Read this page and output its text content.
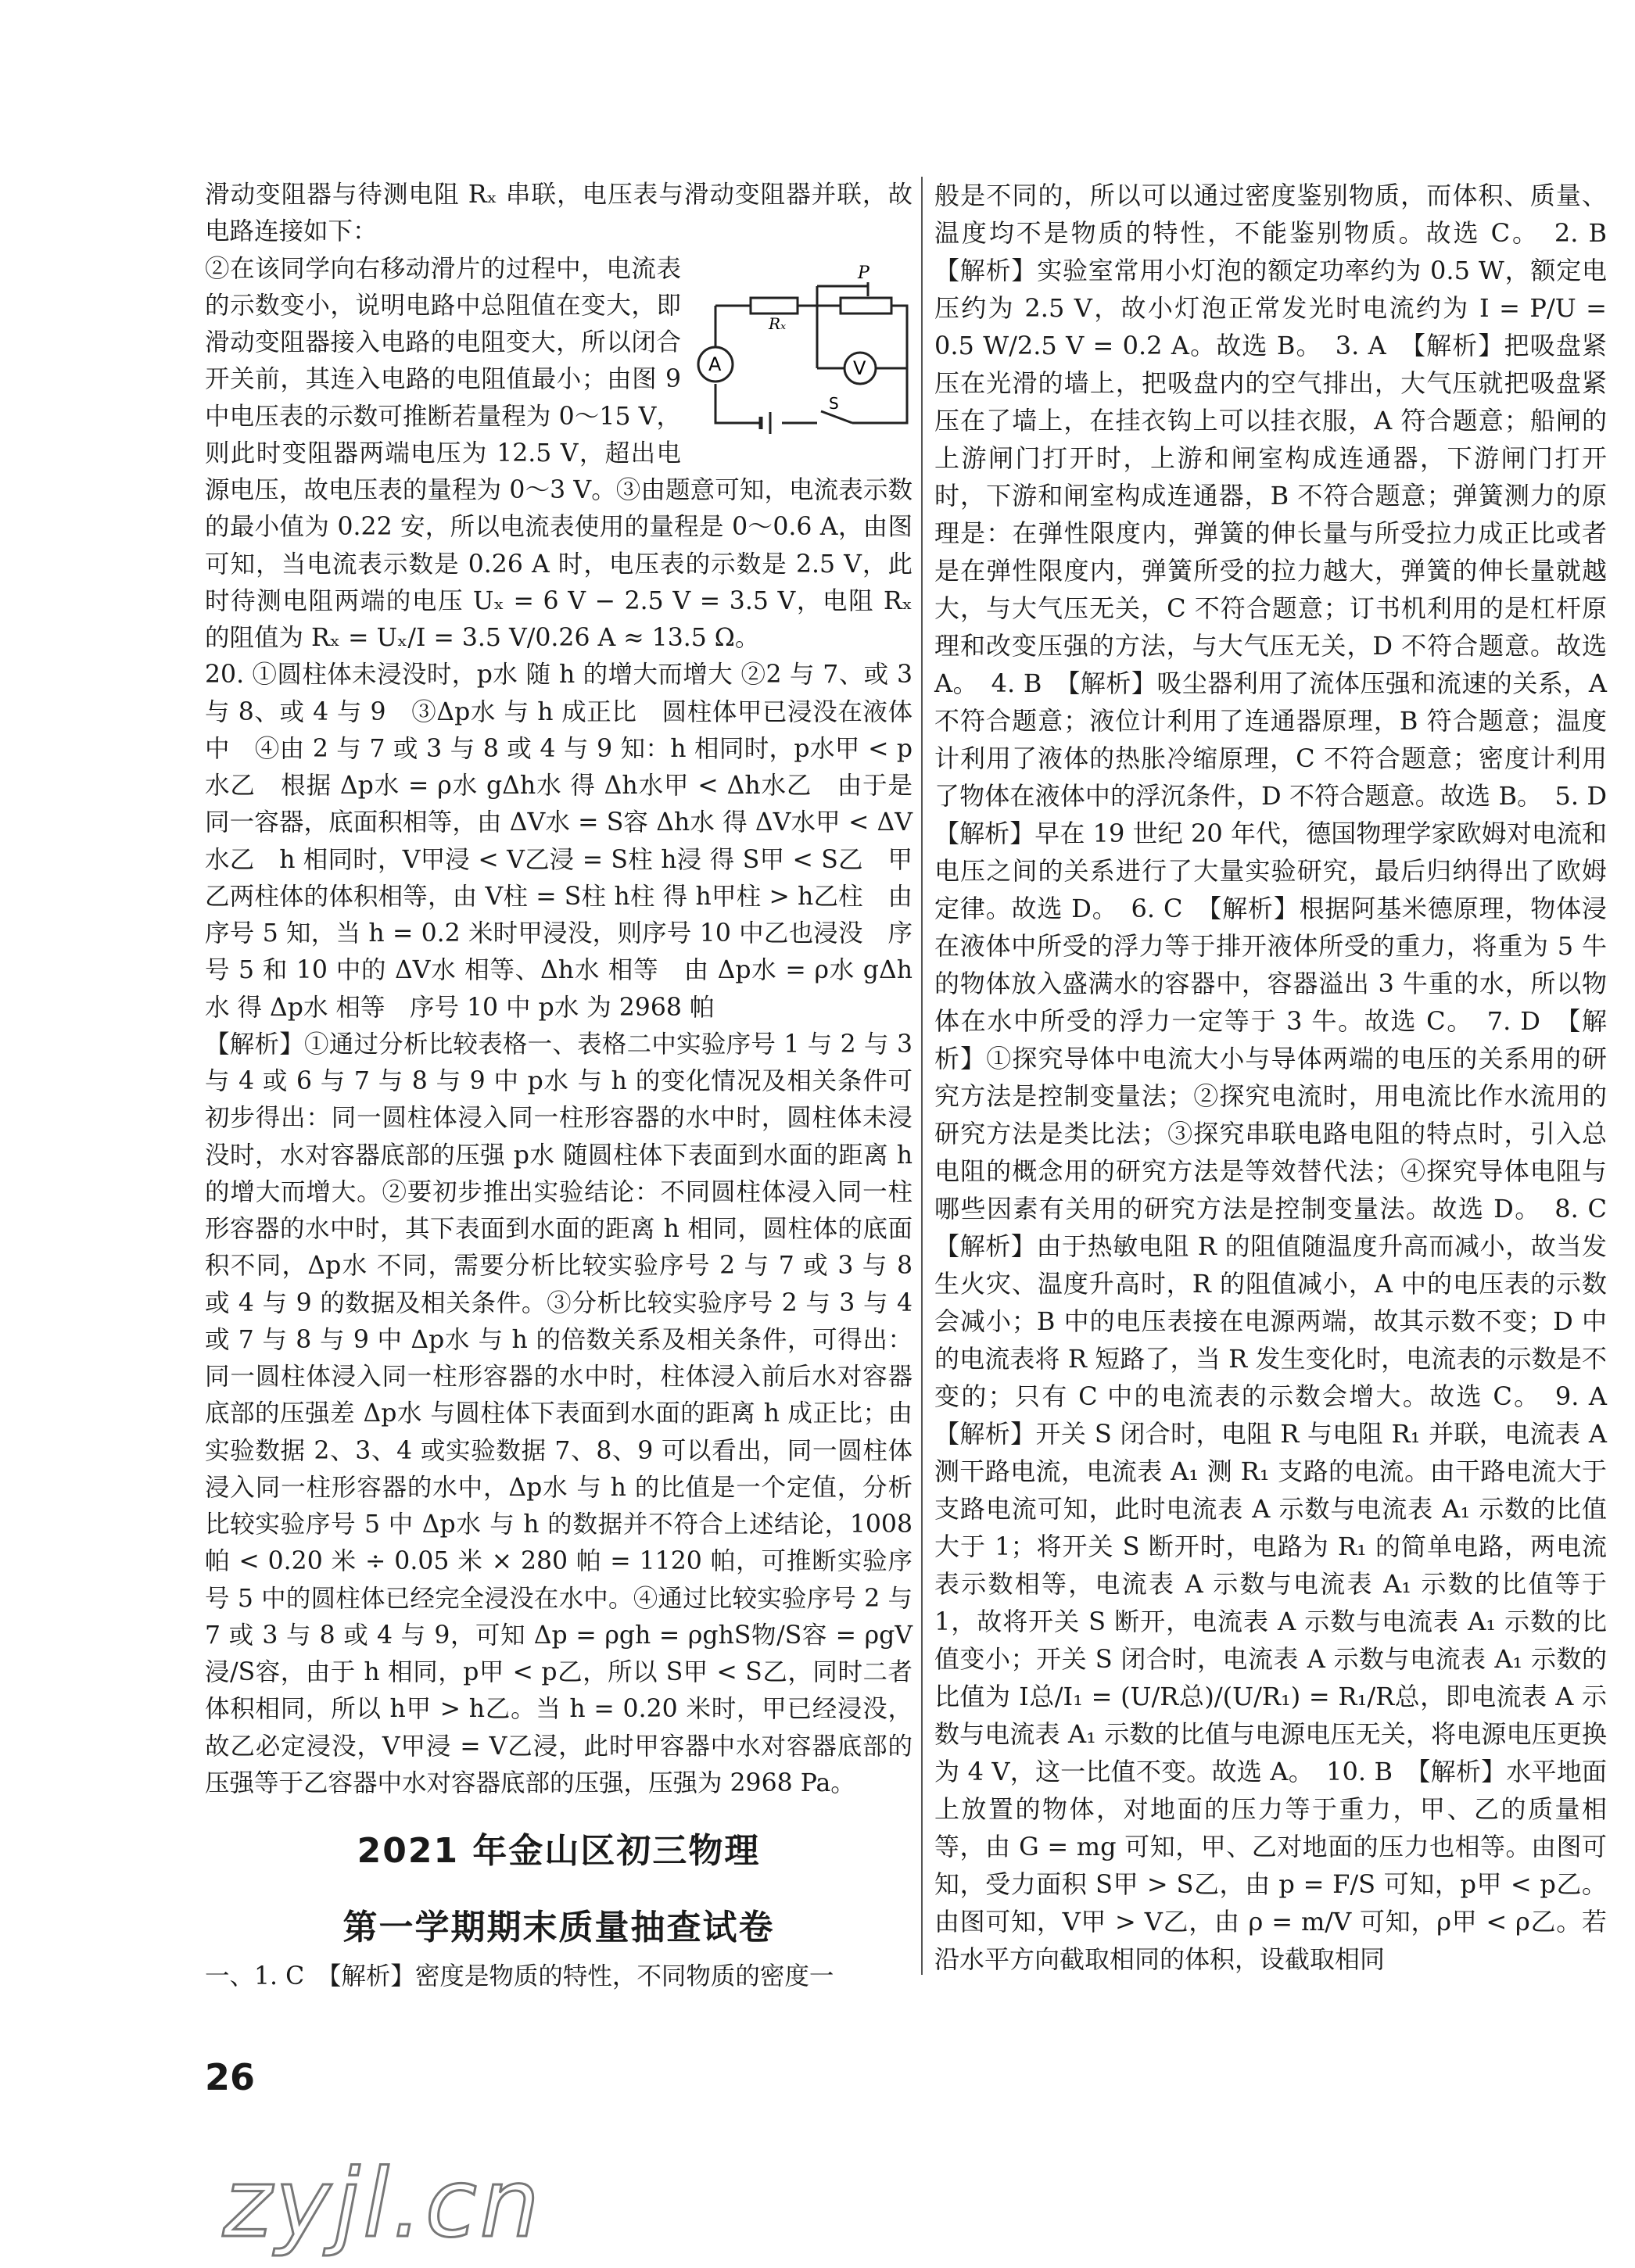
滑动变阻器与待测电阻 Rₓ 串联，电压表与滑动变阻器并联，故电路连接如下：

Rₓ
P
A	V
S

②在该同学向右移动滑片的过程中，电流表的示数变小，说明电路中总阻值在变大，即滑动变阻器接入电路的电阻变大，所以闭合开关前，其连入电路的电阻值最小；由图 9 中电压表的示数可推断若量程为 0～15 V，则此时变阻器两端电压为 12.5 V，超出电源电压，故电压表的量程为 0～3 V。③由题意可知，电流表示数的最小值为 0.22 安，所以电流表使用的量程是 0～0.6 A，由图可知，当电流表示数是 0.26 A 时，电压表的示数是 2.5 V，此时待测电阻两端的电压 Uₓ = 6 V − 2.5 V = 3.5 V，电阻 Rₓ 的阻值为 Rₓ = Uₓ/I = 3.5 V/0.26 A ≈ 13.5 Ω。

20. ①圆柱体未浸没时，p水 随 h 的增大而增大 ②2 与 7、或 3 与 8、或 4 与 9　③Δp水 与 h 成正比　圆柱体甲已浸没在液体中　④由 2 与 7 或 3 与 8 或 4 与 9 知：h 相同时，p水甲 < p水乙　根据 Δp水 = ρ水 gΔh水 得 Δh水甲 < Δh水乙　由于是同一容器，底面积相等，由 ΔV水 = S容 Δh水 得 ΔV水甲 < ΔV水乙　h 相同时，V甲浸 < V乙浸 = S柱 h浸 得 S甲 < S乙　甲乙两柱体的体积相等，由 V柱 = S柱 h柱 得 h甲柱 > h乙柱　由序号 5 知，当 h = 0.2 米时甲浸没，则序号 10 中乙也浸没　序号 5 和 10 中的 ΔV水 相等、Δh水 相等　由 Δp水 = ρ水 gΔh水 得 Δp水 相等　序号 10 中 p水 为 2968 帕

【解析】①通过分析比较表格一、表格二中实验序号 1 与 2 与 3 与 4 或 6 与 7 与 8 与 9 中 p水 与 h 的变化情况及相关条件可初步得出：同一圆柱体浸入同一柱形容器的水中时，圆柱体未浸没时，水对容器底部的压强 p水 随圆柱体下表面到水面的距离 h 的增大而增大。②要初步推出实验结论：不同圆柱体浸入同一柱形容器的水中时，其下表面到水面的距离 h 相同，圆柱体的底面积不同，Δp水 不同，需要分析比较实验序号 2 与 7 或 3 与 8 或 4 与 9 的数据及相关条件。③分析比较实验序号 2 与 3 与 4 或 7 与 8 与 9 中 Δp水 与 h 的倍数关系及相关条件，可得出：同一圆柱体浸入同一柱形容器的水中时，柱体浸入前后水对容器底部的压强差 Δp水 与圆柱体下表面到水面的距离 h 成正比；由实验数据 2、3、4 或实验数据 7、8、9 可以看出，同一圆柱体浸入同一柱形容器的水中，Δp水 与 h 的比值是一个定值，分析比较实验序号 5 中 Δp水 与 h 的数据并不符合上述结论，1008 帕 < 0.20 米 ÷ 0.05 米 × 280 帕 = 1120 帕，可推断实验序号 5 中的圆柱体已经完全浸没在水中。④通过比较实验序号 2 与 7 或 3 与 8 或 4 与 9，可知 Δp = ρgh = ρghS物/S容 = ρgV浸/S容，由于 h 相同，p甲 < p乙，所以 S甲 < S乙，同时二者体积相同，所以 h甲 > h乙。当 h = 0.20 米时，甲已经浸没，故乙必定浸没，V甲浸 = V乙浸，此时甲容器中水对容器底部的压强等于乙容器中水对容器底部的压强，压强为 2968 Pa。

2021 年金山区初三物理
第一学期期末质量抽查试卷

一、1. C　【解析】密度是物质的特性，不同物质的密度一

般是不同的，所以可以通过密度鉴别物质，而体积、质量、温度均不是物质的特性，不能鉴别物质。故选 C。　2. B　【解析】实验室常用小灯泡的额定功率约为 0.5 W，额定电压约为 2.5 V，故小灯泡正常发光时电流约为 I = P/U = 0.5 W/2.5 V = 0.2 A。故选 B。　3. A　【解析】把吸盘紧压在光滑的墙上，把吸盘内的空气排出，大气压就把吸盘紧压在了墙上，在挂衣钩上可以挂衣服，A 符合题意；船闸的上游闸门打开时，上游和闸室构成连通器，下游闸门打开时，下游和闸室构成连通器，B 不符合题意；弹簧测力的原理是：在弹性限度内，弹簧的伸长量与所受拉力成正比或者是在弹性限度内，弹簧所受的拉力越大，弹簧的伸长量就越大，与大气压无关，C 不符合题意；订书机利用的是杠杆原理和改变压强的方法，与大气压无关，D 不符合题意。故选 A。　4. B　【解析】吸尘器利用了流体压强和流速的关系，A 不符合题意；液位计利用了连通器原理，B 符合题意；温度计利用了液体的热胀冷缩原理，C 不符合题意；密度计利用了物体在液体中的浮沉条件，D 不符合题意。故选 B。　5. D　【解析】早在 19 世纪 20 年代，德国物理学家欧姆对电流和电压之间的关系进行了大量实验研究，最后归纳得出了欧姆定律。故选 D。　6. C　【解析】根据阿基米德原理，物体浸在液体中所受的浮力等于排开液体所受的重力，将重为 5 牛的物体放入盛满水的容器中，容器溢出 3 牛重的水，所以物体在水中所受的浮力一定等于 3 牛。故选 C。　7. D　【解析】①探究导体中电流大小与导体两端的电压的关系用的研究方法是控制变量法；②探究电流时，用电流比作水流用的研究方法是类比法；③探究串联电路电阻的特点时，引入总电阻的概念用的研究方法是等效替代法；④探究导体电阻与哪些因素有关用的研究方法是控制变量法。故选 D。　8. C　【解析】由于热敏电阻 R 的阻值随温度升高而减小，故当发生火灾、温度升高时，R 的阻值减小，A 中的电压表的示数会减小；B 中的电压表接在电源两端，故其示数不变；D 中的电流表将 R 短路了，当 R 发生变化时，电流表的示数是不变的；只有 C 中的电流表的示数会增大。故选 C。　9. A　【解析】开关 S 闭合时，电阻 R 与电阻 R₁ 并联，电流表 A 测干路电流，电流表 A₁ 测 R₁ 支路的电流。由干路电流大于支路电流可知，此时电流表 A 示数与电流表 A₁ 示数的比值大于 1；将开关 S 断开时，电路为 R₁ 的简单电路，两电流表示数相等，电流表 A 示数与电流表 A₁ 示数的比值等于 1，故将开关 S 断开，电流表 A 示数与电流表 A₁ 示数的比值变小；开关 S 闭合时，电流表 A 示数与电流表 A₁ 示数的比值为 I总/I₁ = (U/R总)/(U/R₁) = R₁/R总，即电流表 A 示数与电流表 A₁ 示数的比值与电源电压无关，将电源电压更换为 4 V，这一比值不变。故选 A。　10. B　【解析】水平地面上放置的物体，对地面的压力等于重力，甲、乙的质量相等，由 G = mg 可知，甲、乙对地面的压力也相等。由图可知，受力面积 S甲 > S乙，由 p = F/S 可知，p甲 < p乙。由图可知，V甲 > V乙，由 ρ = m/V 可知，ρ甲 < ρ乙。若沿水平方向截取相同的体积，设截取相同

26
zyjl.cn
